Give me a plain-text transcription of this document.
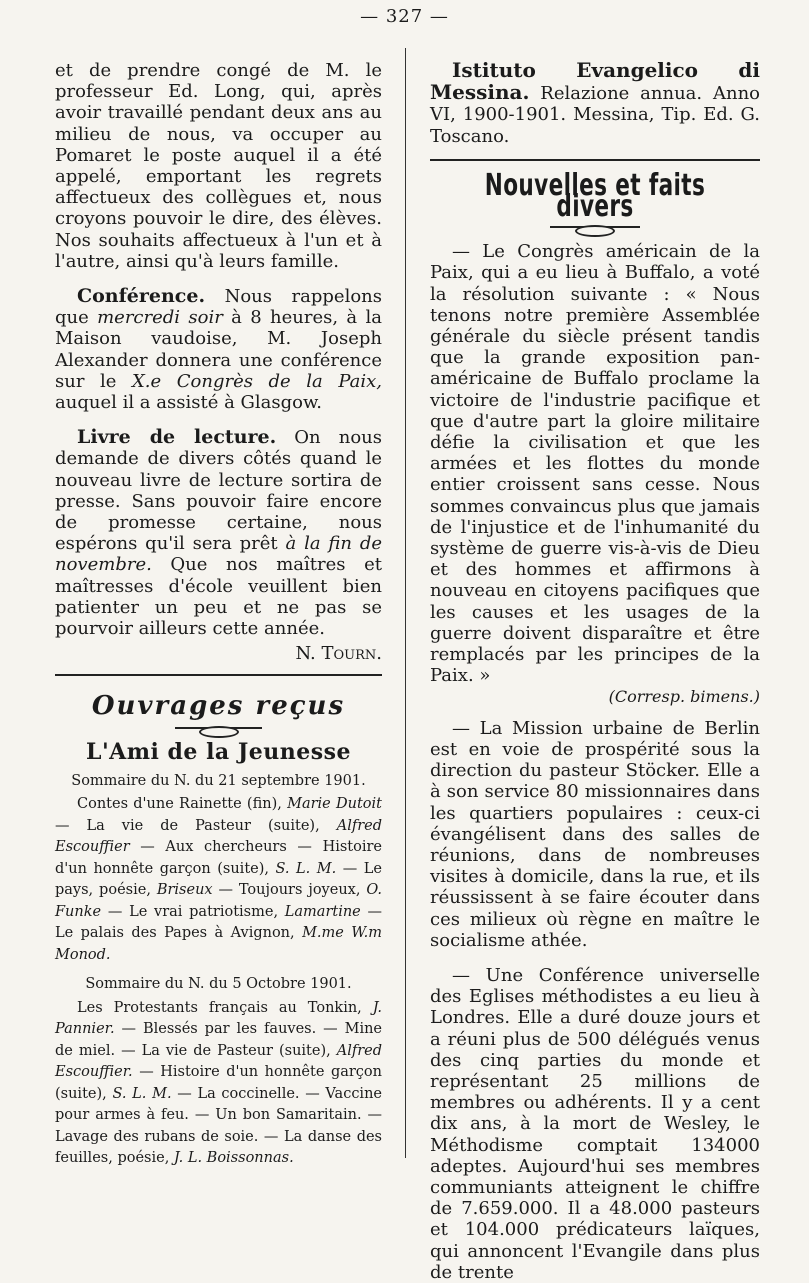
— 327 —

et de prendre congé de M. le professeur Ed. Long, qui, après avoir travaillé pendant deux ans au milieu de nous, va occuper au Pomaret le poste auquel il a été appelé, emportant les regrets affectueux des collègues et, nous croyons pouvoir le dire, des élèves. Nos souhaits affectueux à l'un et à l'autre, ainsi qu'à leurs famille.

Conférence. Nous rappelons que mercredi soir à 8 heures, à la Maison vaudoise, M. Joseph Alexander donnera une conférence sur le X.e Congrès de la Paix, auquel il a assisté à Glasgow.

Livre de lecture. On nous demande de divers côtés quand le nouveau livre de lecture sortira de presse. Sans pouvoir faire encore de promesse certaine, nous espérons qu'il sera prêt à la fin de novembre. Que nos maîtres et maîtresses d'école veuillent bien patienter un peu et ne pas se pourvoir ailleurs cette année.

N. Tourn.
Ouvrages reçus
L'Ami de la Jeunesse

Sommaire du N. du 21 septembre 1901.

Contes d'une Rainette (fin), Marie Dutoit — La vie de Pasteur (suite), Alfred Escouffier — Aux chercheurs — Histoire d'un honnête garçon (suite), S. L. M. — Le pays, poésie, Briseux — Toujours joyeux, O. Funke — Le vrai patriotisme, Lamartine — Le palais des Papes à Avignon, M.me W.m Monod.

Sommaire du N. du 5 Octobre 1901.

Les Protestants français au Tonkin, J. Pannier. — Blessés par les fauves. — Mine de miel. — La vie de Pasteur (suite), Alfred Escouffier. — Histoire d'un honnête garçon (suite), S. L. M. — La coccinelle. — Vaccine pour armes à feu. — Un bon Samaritain. — Lavage des rubans de soie. — La danse des feuilles, poésie, J. L. Boissonnas.

Istituto Evangelico di Messina. Relazione annua. Anno VI, 1900-1901. Messina, Tip. Ed. G. Toscano.

Nouvelles et faits divers

— Le Congrès américain de la Paix, qui a eu lieu à Buffalo, a voté la résolution suivante : « Nous tenons notre première Assemblée générale du siècle présent tandis que la grande exposition pan-américaine de Buffalo proclame la victoire de l'industrie pacifique et que d'autre part la gloire militaire défie la civilisation et que les armées et les flottes du monde entier croissent sans cesse. Nous sommes convaincus plus que jamais de l'injustice et de l'inhumanité du système de guerre vis-à-vis de Dieu et des hommes et affirmons à nouveau en citoyens pacifiques que les causes et les usages de la guerre doivent disparaître et être remplacés par les principes de la Paix. »

(Corresp. bimens.)

— La Mission urbaine de Berlin est en voie de prospérité sous la direction du pasteur Stöcker. Elle a à son service 80 missionnaires dans les quartiers populaires : ceux-ci évangélisent dans des salles de réunions, dans de nombreuses visites à domicile, dans la rue, et ils réussissent à se faire écouter dans ces milieux où règne en maître le socialisme athée.

— Une Conférence universelle des Eglises méthodistes a eu lieu à Londres. Elle a duré douze jours et a réuni plus de 500 délégués venus des cinq parties du monde et représentant 25 millions de membres ou adhérents. Il y a cent dix ans, à la mort de Wesley, le Méthodisme comptait 134000 adeptes. Aujourd'hui ses membres communiants atteignent le chiffre de 7.659.000. Il a 48.000 pasteurs et 104.000 prédicateurs laïques, qui annoncent l'Evangile dans plus de trente
